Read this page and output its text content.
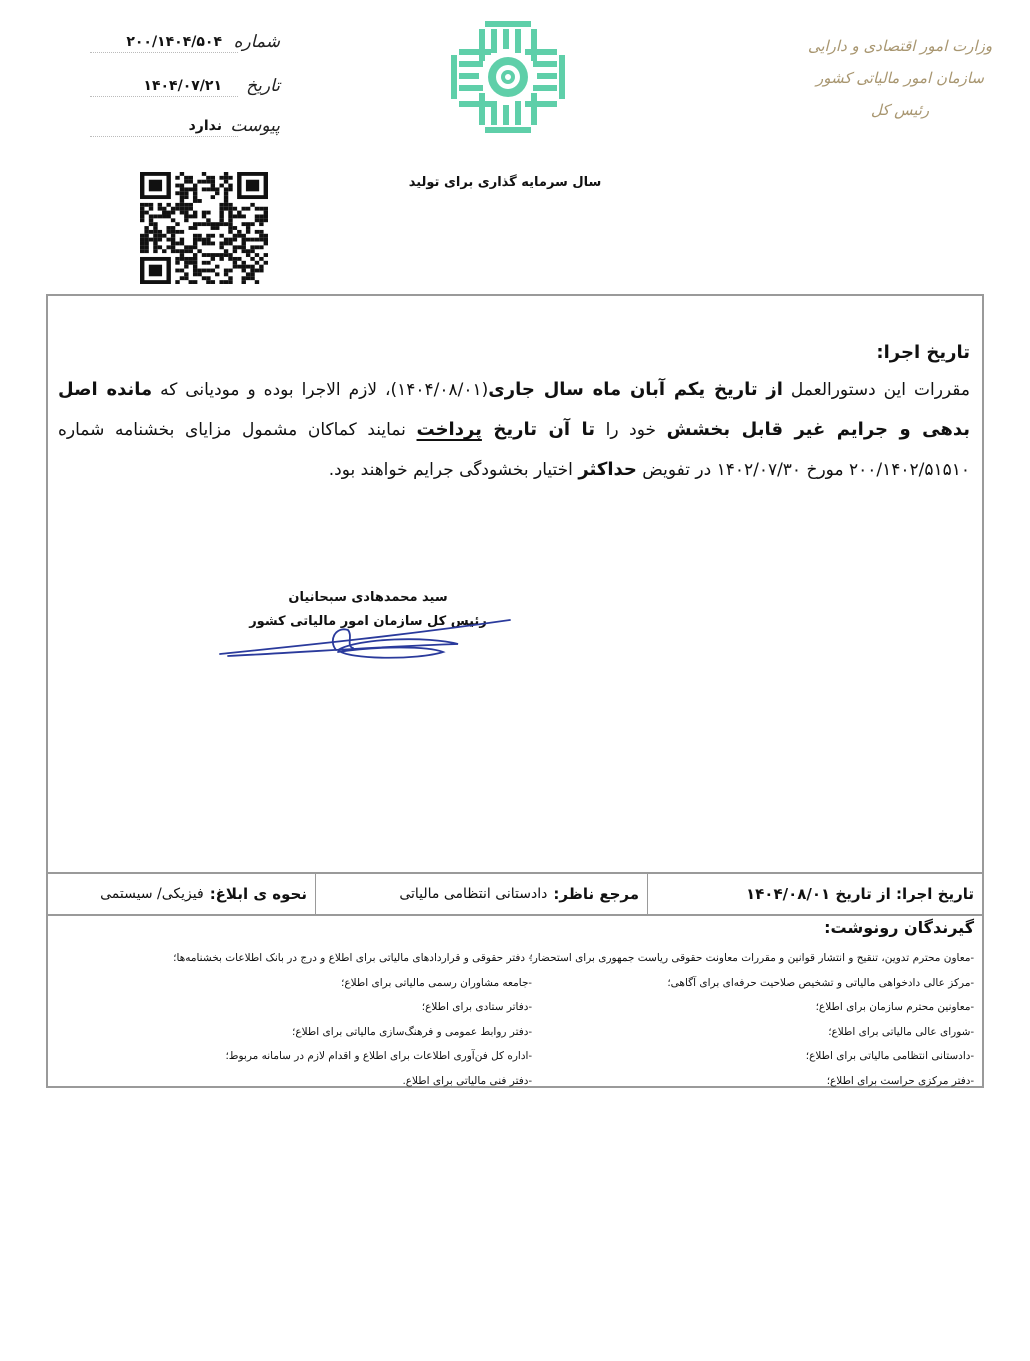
شماره
۲۰۰/۱۴۰۴/۵۰۴
تاریخ
۱۴۰۴/۰۷/۲۱
پیوست
ندارد
سال سرمایه گذاری برای تولید
وزارت امور اقتصادی و دارایی
سازمان امور مالیاتی کشور
رئیس کل
تاریخ اجرا:
مقررات این دستورالعمل از تاریخ یکم آبان ماه سال جاری(۱۴۰۴/۰۸/۰۱)، لازم الاجرا بوده و مودیانی که مانده اصل بدهی و جرایم غیر قابل بخشش خود را تا آن تاریخ پرداخت نمایند کماکان مشمول مزایای بخشنامه شماره ۲۰۰/۱۴۰۲/۵۱۵۱۰ مورخ ۱۴۰۲/۰۷/۳۰ در تفویض حداکثر اختیار بخشودگی جرایم خواهند بود.
سید محمدهادی سبحانیان
رئیس کل سازمان امور مالیاتی کشور
تاریخ اجرا:

از تاریخ ۱۴۰۴/۰۸/۰۱
مرجع ناظر:
دادستانی انتظامی مالیاتی
نحوه ی ابلاغ:
فیزیکی/ سیستمی
گیرندگان رونوشت:
-معاون محترم تدوین، تنقیح و انتشار قوانین و مقررات معاونت حقوقی ریاست جمهوری برای استحضار؛
-مرکز عالی دادخواهی مالیاتی و تشخیص صلاحیت حرفه‌ای برای آگاهی؛
-معاونین محترم سازمان برای اطلاع؛
-شورای عالی مالیاتی برای اطلاع؛
-دادستانی انتظامی مالیاتی برای اطلاع؛
-دفتر مرکزی حراست برای اطلاع؛
- دفتر حقوقی و قراردادهای مالیاتی برای اطلاع و درج در بانک اطلاعات بخشنامه‌ها؛
-جامعه مشاوران رسمی مالیاتی برای اطلاع؛
-دفاتر ستادی برای اطلاع؛
-دفتر روابط عمومی و فرهنگ‌سازی مالیاتی برای اطلاع؛
-اداره کل فن‌آوری اطلاعات برای اطلاع و اقدام لازم در سامانه مربوط؛
-دفتر فنی مالیاتی برای اطلاع.
